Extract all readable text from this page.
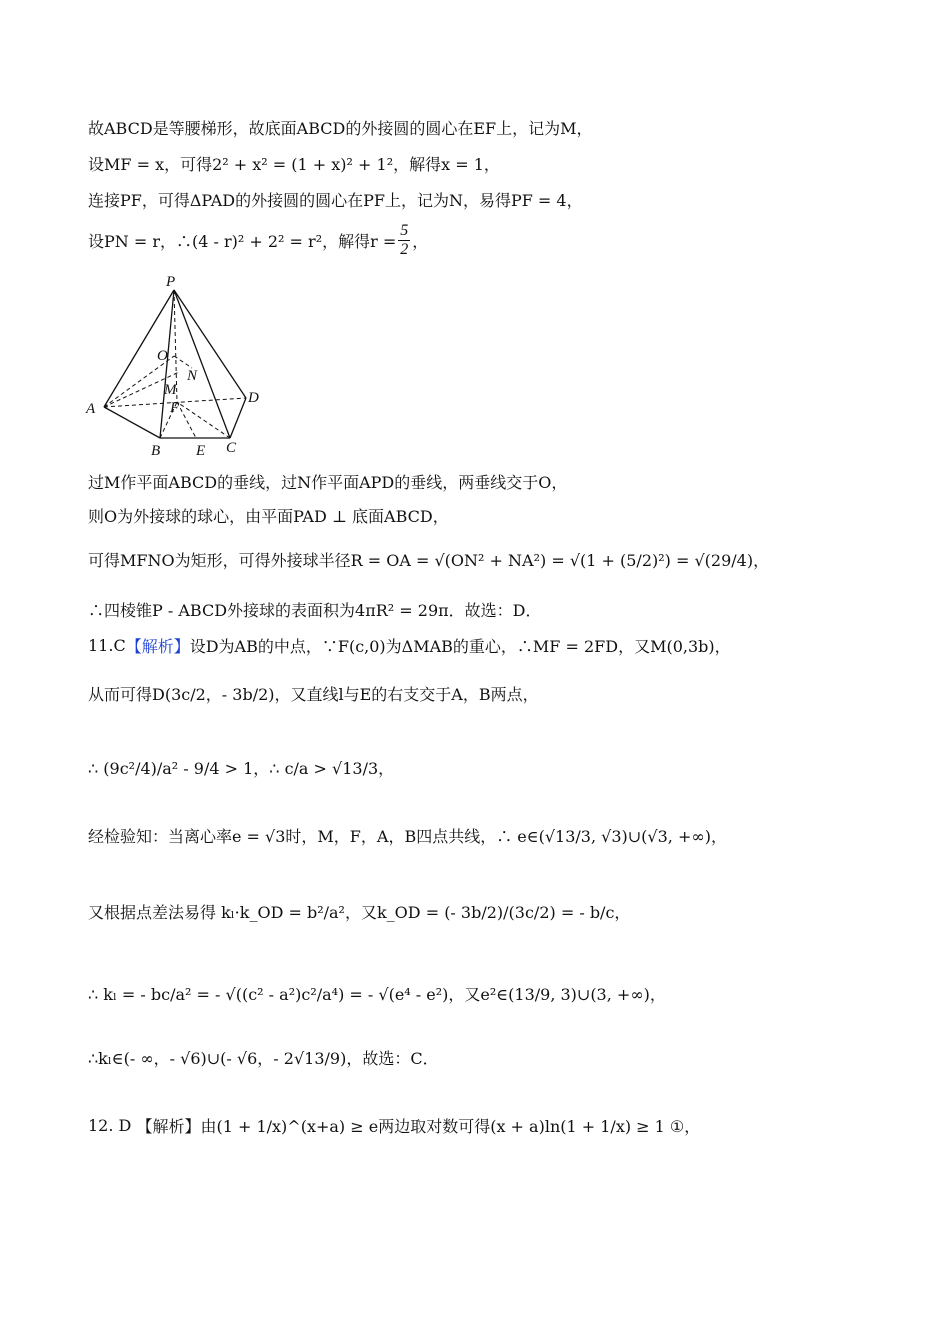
故ABCD是等腰梯形，故底面ABCD的外接圆的圆心在EF上，记为M，
设MF = x，可得2² + x² = (1 + x)² + 1²，解得x = 1，
连接PF，可得ΔPAD的外接圆的圆心在PF上，记为N，易得PF = 4，
设PN = r，∴(4 - r)² + 2² = r²，解得$r = \frac{5}{2}$ ，
P
O
N
M
F
A
D
B E C
过M作平面ABCD的垂线，过N作平面APD的垂线，两垂线交于O，
则O为外接球的球心，由平面PAD ⊥ 底面ABCD，
可得MFNO为矩形，可得外接球半径R = OA = √(ON² + NA²) = √(1 + (5/2)²) = √(29/4)，
∴四棱锥P - ABCD外接球的表面积为4πR² = 29π．故选：D．
11.C 【解析】 设D为AB的中点，∵F(c,0)为ΔMAB的重心，∴MF = 2FD，又M(0,3b)，
从而可得D(3c/2，- 3b/2)，又直线l与E的右支交于A，B两点，
∴ (9c²/4)/a² - 9/4 > 1，∴ c/a > √13/3，
经检验知：当离心率e = √3时，M，F，A，B四点共线，∴ e∈(√13/3, √3)∪(√3, +∞)，
又根据点差法易得 kₗ·k_OD = b²/a²，又k_OD = (- 3b/2)/(3c/2) = - b/c，
∴ kₗ = - bc/a² = - √((c² - a²)c²/a⁴) = - √(e⁴ - e²)，又e²∈(13/9, 3)∪(3, +∞)，
∴kₗ∈(- ∞，- √6)∪(- √6，- 2√13/9)，故选：C．
12. D
【解析】由(1 + 1/x)^(x+a) ≥ e两边取对数可得(x + a)ln(1 + 1/x) ≥ 1 ①，
